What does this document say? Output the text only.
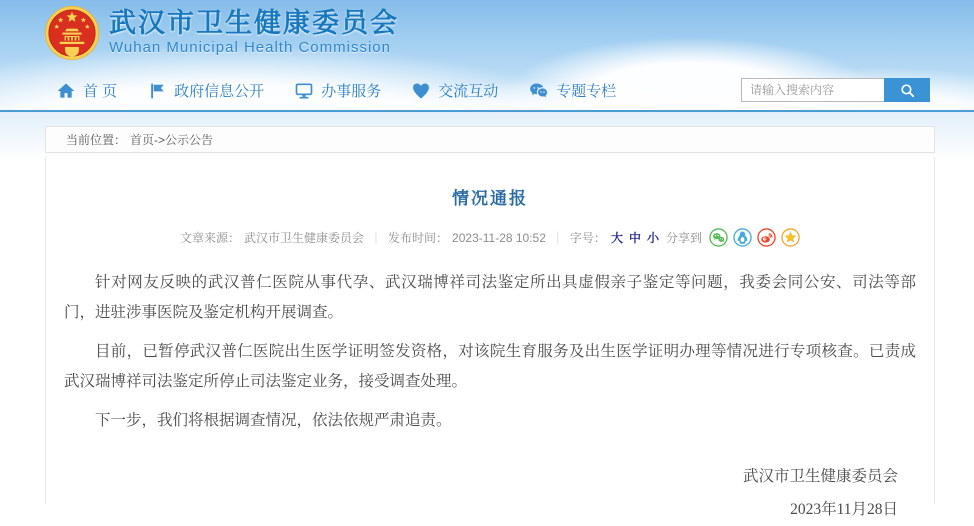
武汉市卫生健康委员会
Wuhan Municipal Health Commission
首 页	政府信息公开	办事服务	交流互动	专题专栏
请输入搜索内容
当前位置： 首页->公示公告
情况通报
文章来源： 武汉市卫生健康委员会 ｜ 发布时间： 2023-11-28 10:52 ｜ 字号： 大 中 小 分享到

针对网友反映的武汉普仁医院从事代孕、武汉瑞博祥司法鉴定所出具虚假亲子鉴定等问题，我委会同公安、司法等部门，进驻涉事医院及鉴定机构开展调查。

目前，已暂停武汉普仁医院出生医学证明签发资格，对该院生育服务及出生医学证明办理等情况进行专项核查。已责成武汉瑞博祥司法鉴定所停止司法鉴定业务，接受调查处理。

下一步，我们将根据调查情况，依法依规严肃追责。

武汉市卫生健康委员会
2023年11月28日
